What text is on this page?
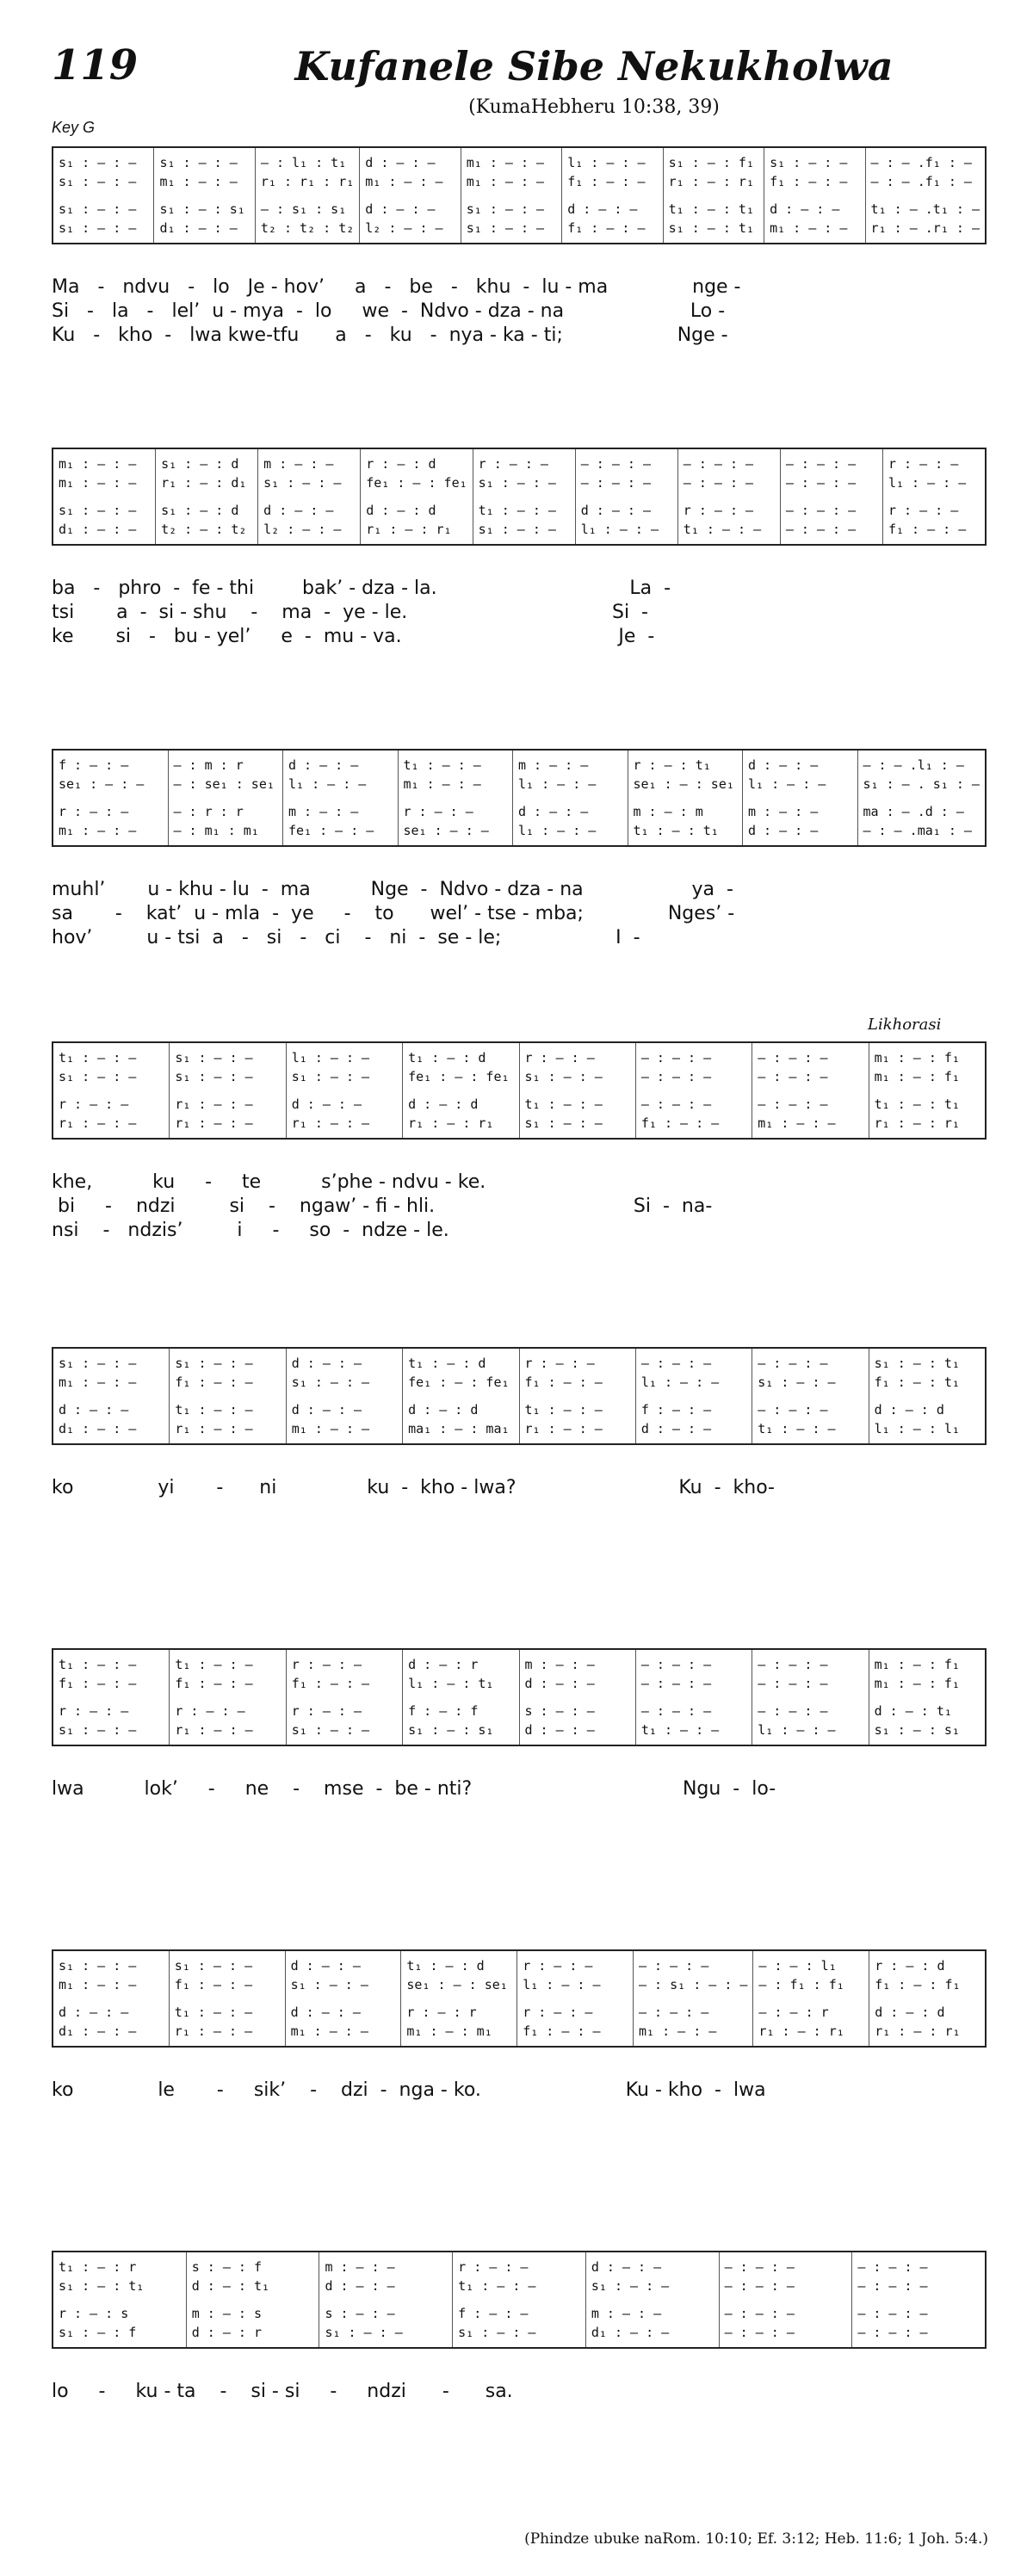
119	Kufanele Sibe Nekukholwa
(KumaHebheru 10:38, 39)
Key G
Likhorasi
s₁ : – : –
s₁ : – : –
s₁ : – : –
s₁ : – : –
s₁ : – : –
m₁ : – : –
s₁ : – : s₁
d₁ : – : –
– : l₁ : t₁
r₁ : r₁ : r₁
– : s₁ : s₁
t₂ : t₂ : t₂
d : – : –
m₁ : – : –
d : – : –
l₂ : – : –
m₁ : – : –
m₁ : – : –
s₁ : – : –
s₁ : – : –
l₁ : – : –
f₁ : – : –
d : – : –
f₁ : – : –
s₁ : – : f₁
r₁ : – : r₁
t₁ : – : t₁
s₁ : – : t₁
s₁ : – : –
f₁ : – : –
d : – : –
m₁ : – : –
– : – .f₁ : –
– : – .f₁ : –
t₁ : – .t₁ : –
r₁ : – .r₁ : –
Ma   -   ndvu   -   lo   Je - hov’     a   -   be   -   khu  -  lu - ma              nge -
Si   -   la   -   lel’  u - mya  -  lo     we  -  Ndvo - dza - na                     Lo -
Ku   -   kho  -   lwa kwe-tfu      a   -   ku   -  nya - ka - ti;                   Nge -
m₁ : – : –
m₁ : – : –
s₁ : – : –
d₁ : – : –
s₁ : – : d
r₁ : – : d₁
s₁ : – : d
t₂ : – : t₂
m : – : –
s₁ : – : –
d : – : –
l₂ : – : –
r : – : d
fe₁ : – : fe₁
d : – : d
r₁ : – : r₁
r : – : –
s₁ : – : –
t₁ : – : –
s₁ : – : –
– : – : –
– : – : –
d : – : –
l₁ : – : –
– : – : –
– : – : –
r : – : –
t₁ : – : –
– : – : –
– : – : –
– : – : –
– : – : –
r : – : –
l₁ : – : –
r : – : –
f₁ : – : –
ba   -   phro  -  fe - thi        bak’ - dza - la.                                La  -
tsi       a  -  si - shu    -    ma  -  ye - le.                                  Si  -
ke       si   -   bu - yel’     e  -  mu - va.                                    Je  -
f : – : –
se₁ : – : –
r : – : –
m₁ : – : –
– : m : r
– : se₁ : se₁
– : r : r
– : m₁ : m₁
d : – : –
l₁ : – : –
m : – : –
fe₁ : – : –
t₁ : – : –
m₁ : – : –
r : – : –
se₁ : – : –
m : – : –
l₁ : – : –
d : – : –
l₁ : – : –
r : – : t₁
se₁ : – : se₁
m : – : m
t₁ : – : t₁
d : – : –
l₁ : – : –
m : – : –
d : – : –
– : – .l₁ : –
s₁ : – . s₁ : –
ma : – .d : –
– : – .ma₁ : –
muhl’       u - khu - lu  -  ma          Nge  -  Ndvo - dza - na                  ya  -
sa       -    kat’  u - mla  -  ye     -    to      wel’ - tse - mba;              Nges’ -
hov’         u - tsi  a   -   si   -   ci    -   ni  -  se - le;                   I  -
t₁ : – : –
s₁ : – : –
r : – : –
r₁ : – : –
s₁ : – : –
s₁ : – : –
r₁ : – : –
r₁ : – : –
l₁ : – : –
s₁ : – : –
d : – : –
r₁ : – : –
t₁ : – : d
fe₁ : – : fe₁
d : – : d
r₁ : – : r₁
r : – : –
s₁ : – : –
t₁ : – : –
s₁ : – : –
– : – : –
– : – : –
– : – : –
f₁ : – : –
– : – : –
– : – : –
– : – : –
m₁ : – : –
m₁ : – : f₁
m₁ : – : f₁
t₁ : – : t₁
r₁ : – : r₁
khe,          ku     -     te          s’phe - ndvu - ke.
bi     -    ndzi         si    -    ngaw’ - fi - hli.                                 Si  -  na-
nsi    -   ndzis’         i     -     so  -  ndze - le.
s₁ : – : –
m₁ : – : –
d : – : –
d₁ : – : –
s₁ : – : –
f₁ : – : –
t₁ : – : –
r₁ : – : –
d : – : –
s₁ : – : –
d : – : –
m₁ : – : –
t₁ : – : d
fe₁ : – : fe₁
d : – : d
ma₁ : – : ma₁
r : – : –
f₁ : – : –
t₁ : – : –
r₁ : – : –
– : – : –
l₁ : – : –
f : – : –
d : – : –
– : – : –
s₁ : – : –
– : – : –
t₁ : – : –
s₁ : – : t₁
f₁ : – : t₁
d : – : d
l₁ : – : l₁
ko              yi       -      ni               ku  -  kho - lwa?                           Ku  -  kho-
t₁ : – : –
f₁ : – : –
r : – : –
s₁ : – : –
t₁ : – : –
f₁ : – : –
r : – : –
r₁ : – : –
r : – : –
f₁ : – : –
r : – : –
s₁ : – : –
d : – : r
l₁ : – : t₁
f : – : f
s₁ : – : s₁
m : – : –
d : – : –
s : – : –
d : – : –
– : – : –
– : – : –
– : – : –
t₁ : – : –
– : – : –
– : – : –
– : – : –
l₁ : – : –
m₁ : – : f₁
m₁ : – : f₁
d : – : t₁
s₁ : – : s₁
lwa          lok’     -     ne    -    mse  -  be - nti?                                   Ngu  -  lo-
s₁ : – : –
m₁ : – : –
d : – : –
d₁ : – : –
s₁ : – : –
f₁ : – : –
t₁ : – : –
r₁ : – : –
d : – : –
s₁ : – : –
d : – : –
m₁ : – : –
t₁ : – : d
se₁ : – : se₁
r : – : r
m₁ : – : m₁
r : – : –
l₁ : – : –
r : – : –
f₁ : – : –
– : – : –
– : s₁ : – : –
– : – : –
m₁ : – : –
– : – : l₁
– : f₁ : f₁
– : – : r
r₁ : – : r₁
r : – : d
f₁ : – : f₁
d : – : d
r₁ : – : r₁
ko              le       -     sik’    -    dzi  -  nga - ko.                        Ku - kho  -  lwa
t₁ : – : r
s₁ : – : t₁
r : – : s
s₁ : – : f
s : – : f
d : – : t₁
m : – : s
d : – : r
m : – : –
d : – : –
s : – : –
s₁ : – : –
r : – : –
t₁ : – : –
f : – : –
s₁ : – : –
d : – : –
s₁ : – : –
m : – : –
d₁ : – : –
– : – : –
– : – : –
– : – : –
– : – : –
– : – : –
– : – : –
– : – : –
– : – : –
lo     -     ku - ta    -    si - si     -     ndzi      -      sa.
(Phindze ubuke naRom. 10:10; Ef. 3:12; Heb. 11:6; 1 Joh. 5:4.)
